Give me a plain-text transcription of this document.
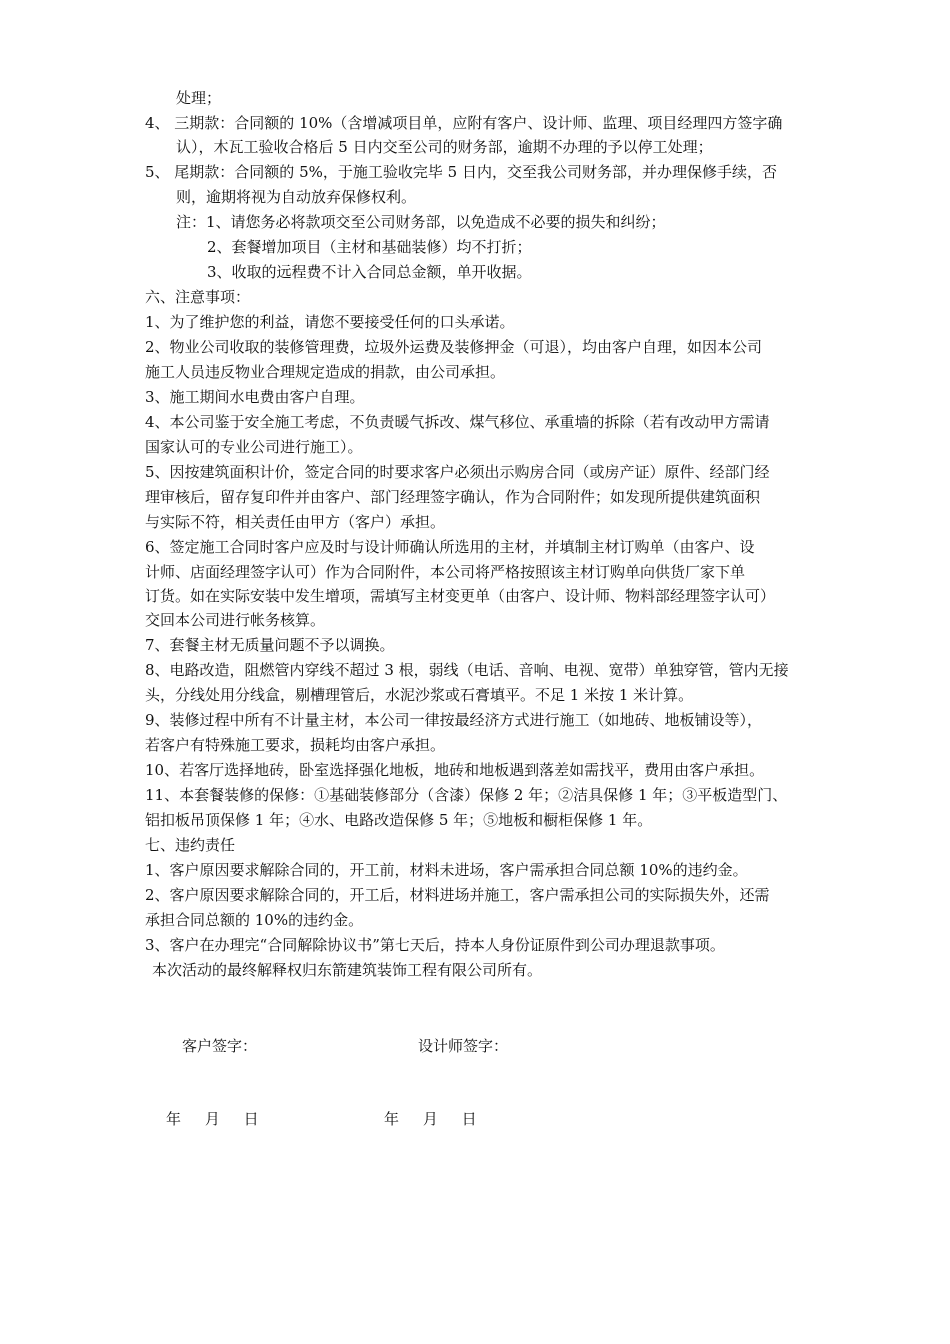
处理；
4、 三期款：合同额的 10%（含增减项目单，应附有客户、设计师、监理、项目经理四方签字确
认），木瓦工验收合格后 5 日内交至公司的财务部，逾期不办理的予以停工处理；
5、 尾期款：合同额的 5%，于施工验收完毕 5 日内，交至我公司财务部，并办理保修手续，否
则，逾期将视为自动放弃保修权利。
注：1、请您务必将款项交至公司财务部，以免造成不必要的损失和纠纷；
2、套餐增加项目（主材和基础装修）均不打折；
3、收取的远程费不计入合同总金额，单开收据。
六、注意事项：
1、为了维护您的利益，请您不要接受任何的口头承诺。
2、物业公司收取的装修管理费，垃圾外运费及装修押金（可退），均由客户自理，如因本公司
施工人员违反物业合理规定造成的捐款，由公司承担。
3、施工期间水电费由客户自理。
4、本公司鉴于安全施工考虑，不负责暖气拆改、煤气移位、承重墙的拆除（若有改动甲方需请
国家认可的专业公司进行施工）。
5、因按建筑面积计价，签定合同的时要求客户必须出示购房合同（或房产证）原件、经部门经
理审核后，留存复印件并由客户、部门经理签字确认，作为合同附件；如发现所提供建筑面积
与实际不符，相关责任由甲方（客户）承担。
6、签定施工合同时客户应及时与设计师确认所选用的主材，并填制主材订购单（由客户、设
计师、店面经理签字认可）作为合同附件，本公司将严格按照该主材订购单向供货厂家下单
订货。如在实际安装中发生增项，需填写主材变更单（由客户、设计师、物料部经理签字认可）
交回本公司进行帐务核算。
7、套餐主材无质量问题不予以调换。
8、电路改造，阻燃管内穿线不超过 3 根，弱线（电话、音响、电视、宽带）单独穿管，管内无接
头，分线处用分线盒，剔槽理管后，水泥沙浆或石膏填平。不足 1 米按 1 米计算。
9、装修过程中所有不计量主材，本公司一律按最经济方式进行施工（如地砖、地板铺设等），
若客户有特殊施工要求，损耗均由客户承担。
10、若客厅选择地砖，卧室选择强化地板，地砖和地板遇到落差如需找平，费用由客户承担。
11、本套餐装修的保修：①基础装修部分（含漆）保修 2 年；②洁具保修 1 年；③平板造型门、
铝扣板吊顶保修 1 年；④水、电路改造保修 5 年；⑤地板和橱柜保修 1 年。
七、违约责任
1、客户原因要求解除合同的，开工前，材料未进场，客户需承担合同总额 10%的违约金。
2、客户原因要求解除合同的，开工后，材料进场并施工，客户需承担公司的实际损失外，还需
承担合同总额的 10%的违约金。
3、客户在办理完“合同解除协议书”第七天后，持本人身份证原件到公司办理退款事项。
本次活动的最终解释权归东箭建筑装饰工程有限公司所有。
客户签字：	设计师签字：
年     月     日	年     月     日
